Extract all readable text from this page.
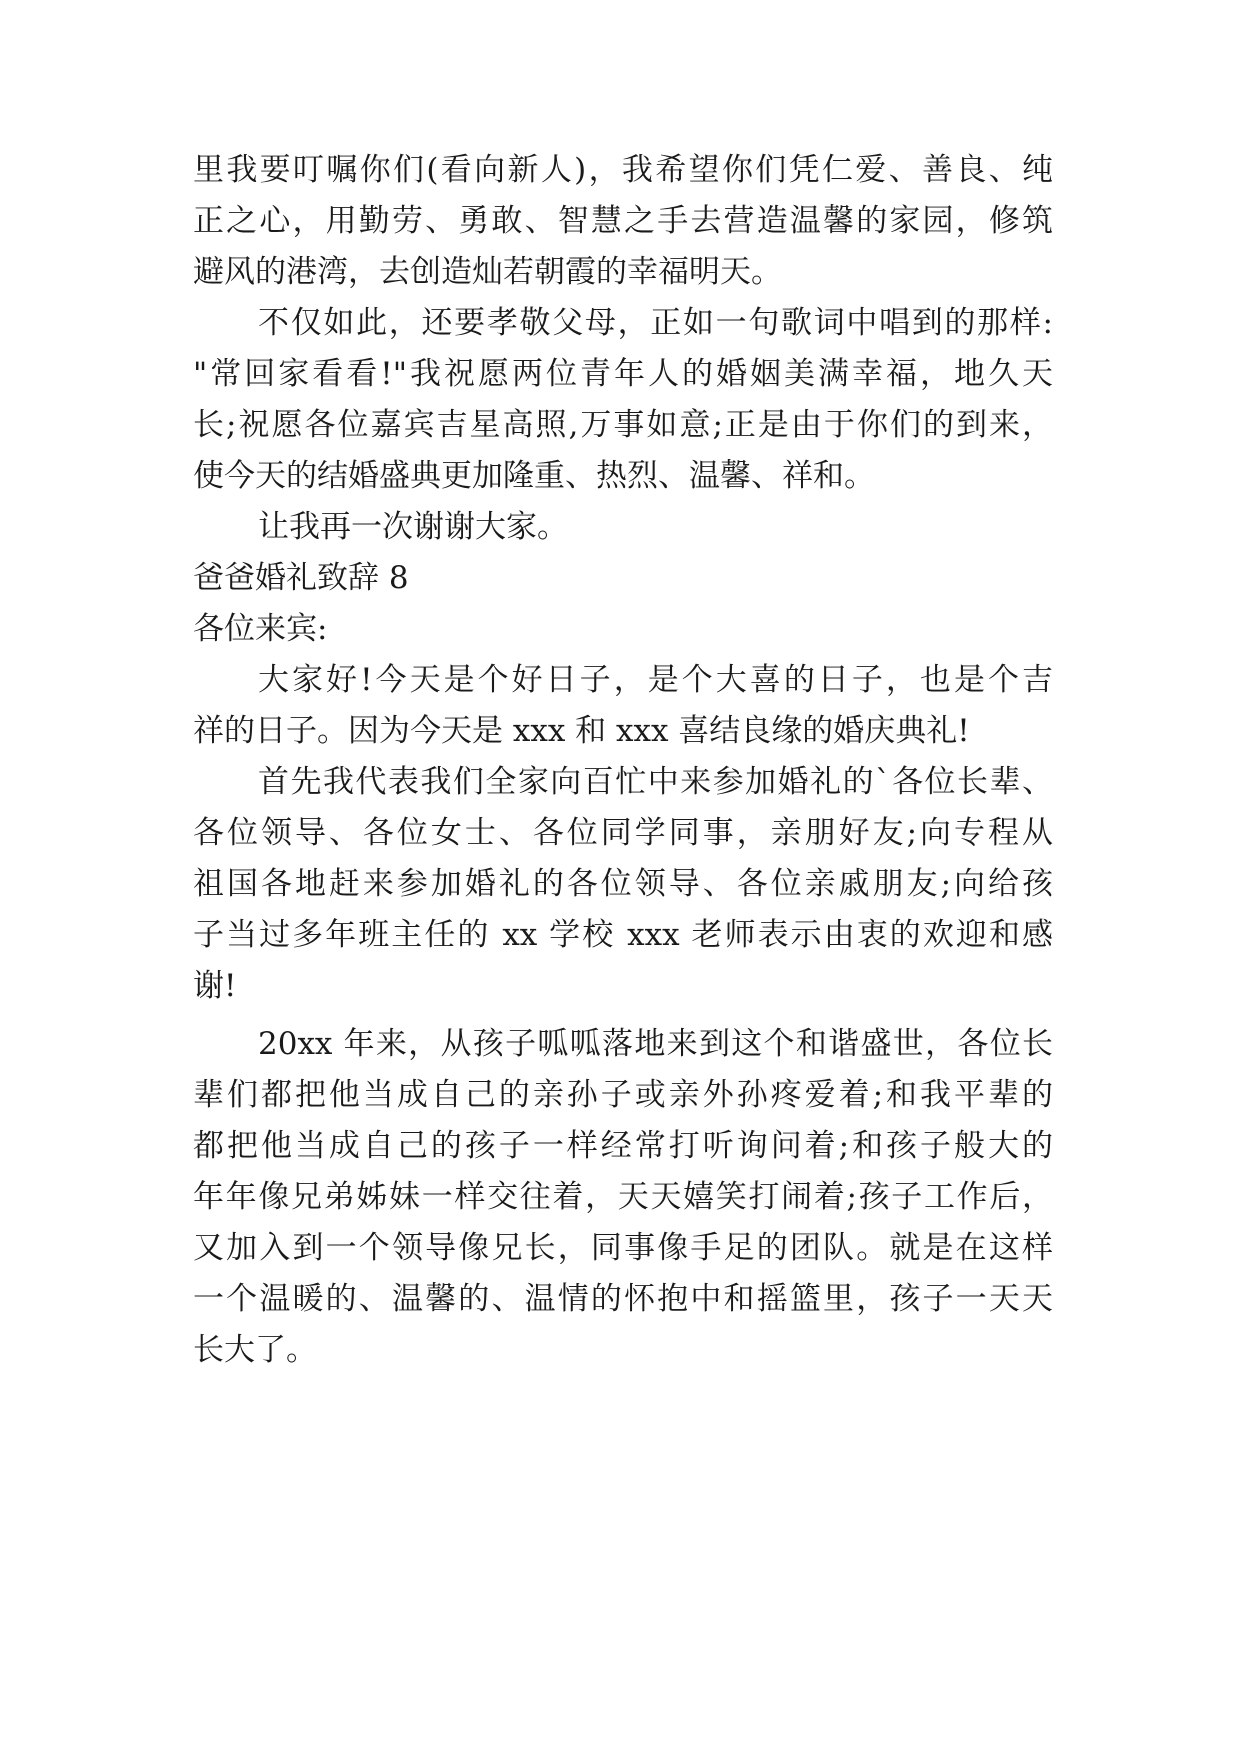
里我要叮嘱你们(看向新人)，我希望你们凭仁爱、善良、纯
正之心，用勤劳、勇敢、智慧之手去营造温馨的家园，修筑
避风的港湾，去创造灿若朝霞的幸福明天。
不仅如此，还要孝敬父母，正如一句歌词中唱到的那样:
"常回家看看!"我祝愿两位青年人的婚姻美满幸福，地久天
长;祝愿各位嘉宾吉星高照,万事如意;正是由于你们的到来，
使今天的结婚盛典更加隆重、热烈、温馨、祥和。
让我再一次谢谢大家。
爸爸婚礼致辞 8
各位来宾:
大家好!今天是个好日子，是个大喜的日子，也是个吉
祥的日子。因为今天是 xxx 和 xxx 喜结良缘的婚庆典礼!
首先我代表我们全家向百忙中来参加婚礼的`各位长辈、
各位领导、各位女士、各位同学同事，亲朋好友;向专程从
祖国各地赶来参加婚礼的各位领导、各位亲戚朋友;向给孩
子当过多年班主任的 xx 学校 xxx 老师表示由衷的欢迎和感
谢!
20xx 年来，从孩子呱呱落地来到这个和谐盛世，各位长
辈们都把他当成自己的亲孙子或亲外孙疼爱着;和我平辈的
都把他当成自己的孩子一样经常打听询问着;和孩子般大的
年年像兄弟姊妹一样交往着，天天嬉笑打闹着;孩子工作后，
又加入到一个领导像兄长，同事像手足的团队。就是在这样
一个温暖的、温馨的、温情的怀抱中和摇篮里，孩子一天天
长大了。
